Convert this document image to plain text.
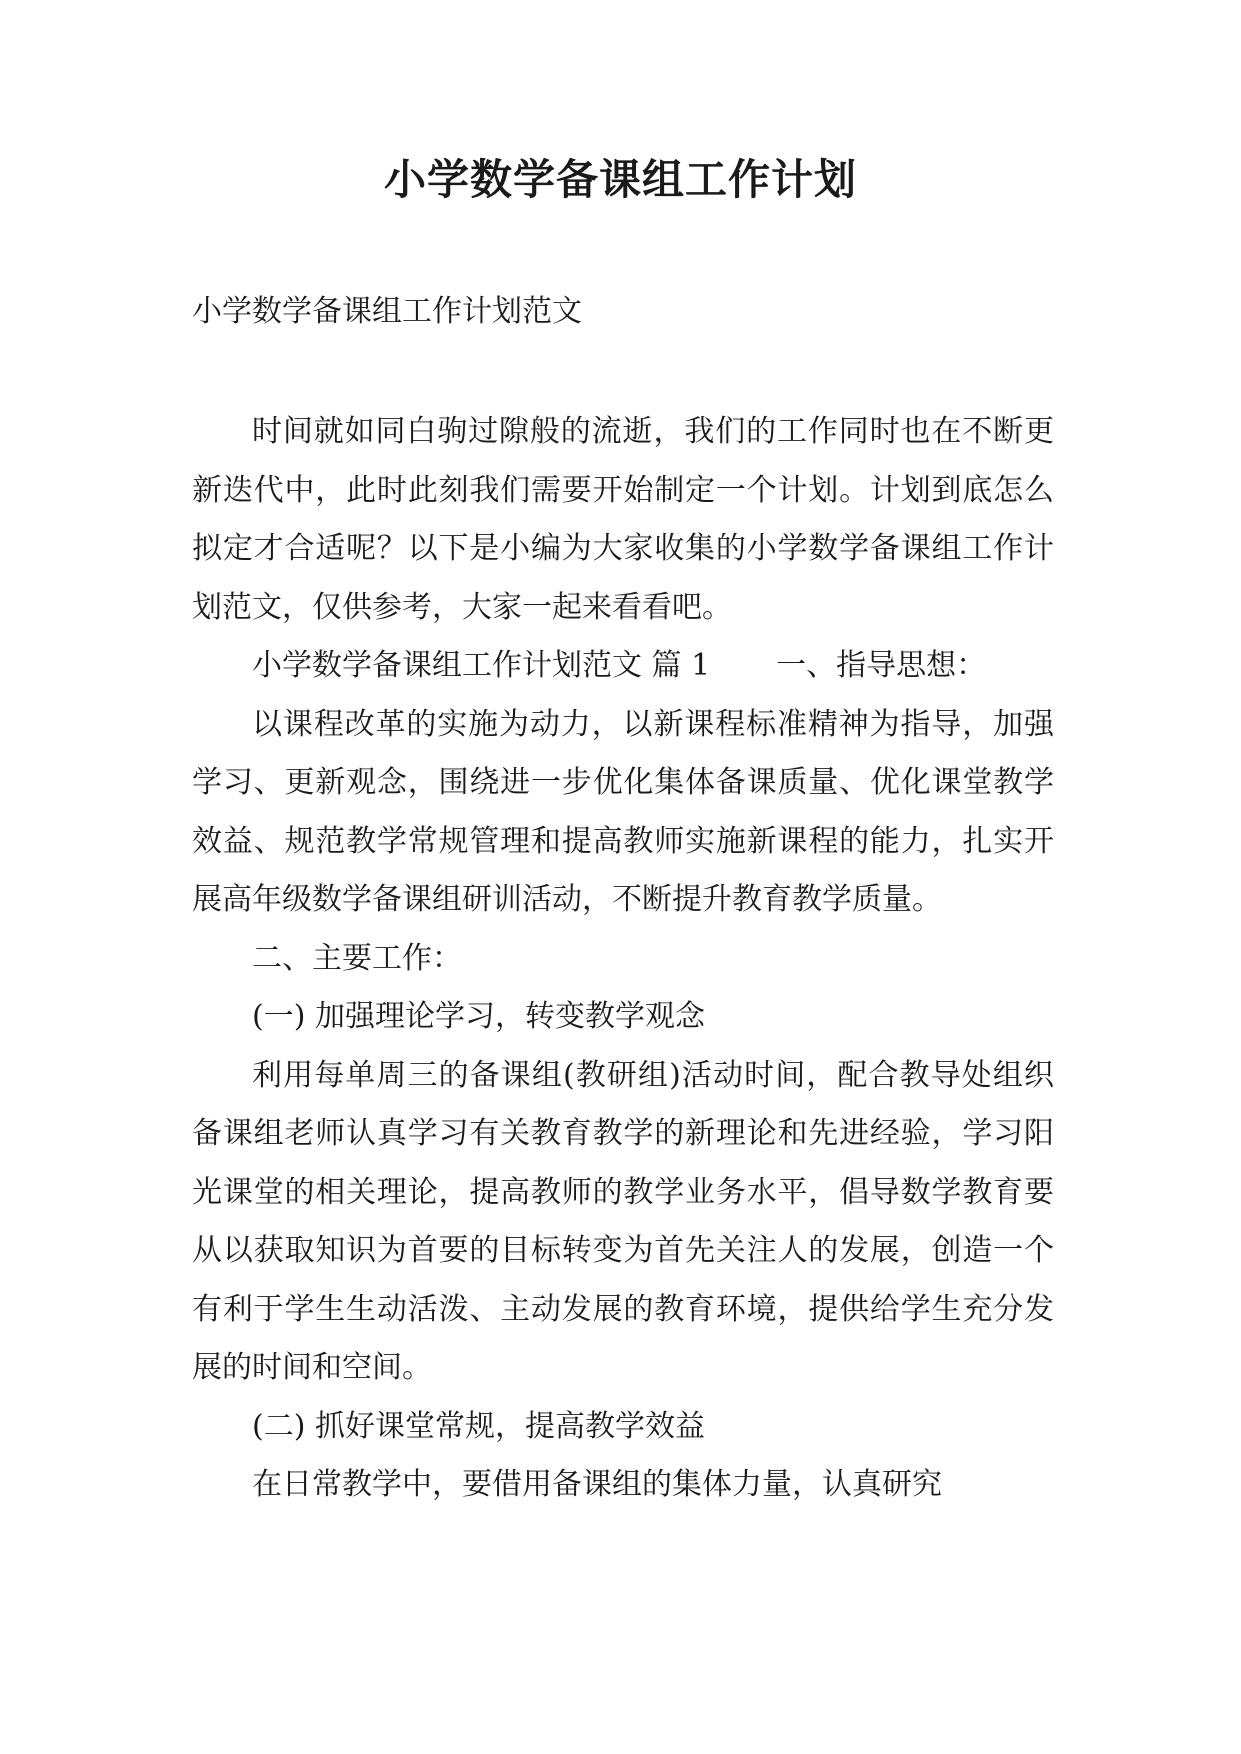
小学数学备课组工作计划

小学数学备课组工作计划范文

时间就如同白驹过隙般的流逝，我们的工作同时也在不断更新迭代中，此时此刻我们需要开始制定一个计划。计划到底怎么拟定才合适呢？以下是小编为大家收集的小学数学备课组工作计划范文，仅供参考，大家一起来看看吧。

小学数学备课组工作计划范文 篇 1 一、指导思想：

以课程改革的实施为动力，以新课程标准精神为指导，加强学习、更新观念，围绕进一步优化集体备课质量、优化课堂教学效益、规范教学常规管理和提高教师实施新课程的能力，扎实开展高年级数学备课组研训活动，不断提升教育教学质量。

二、主要工作：

(一) 加强理论学习，转变教学观念

利用每单周三的备课组(教研组)活动时间，配合教导处组织备课组老师认真学习有关教育教学的新理论和先进经验，学习阳光课堂的相关理论，提高教师的教学业务水平，倡导数学教育要从以获取知识为首要的目标转变为首先关注人的发展，创造一个有利于学生生动活泼、主动发展的教育环境，提供给学生充分发展的时间和空间。

(二) 抓好课堂常规，提高教学效益

在日常教学中，要借用备课组的集体力量，认真研究
